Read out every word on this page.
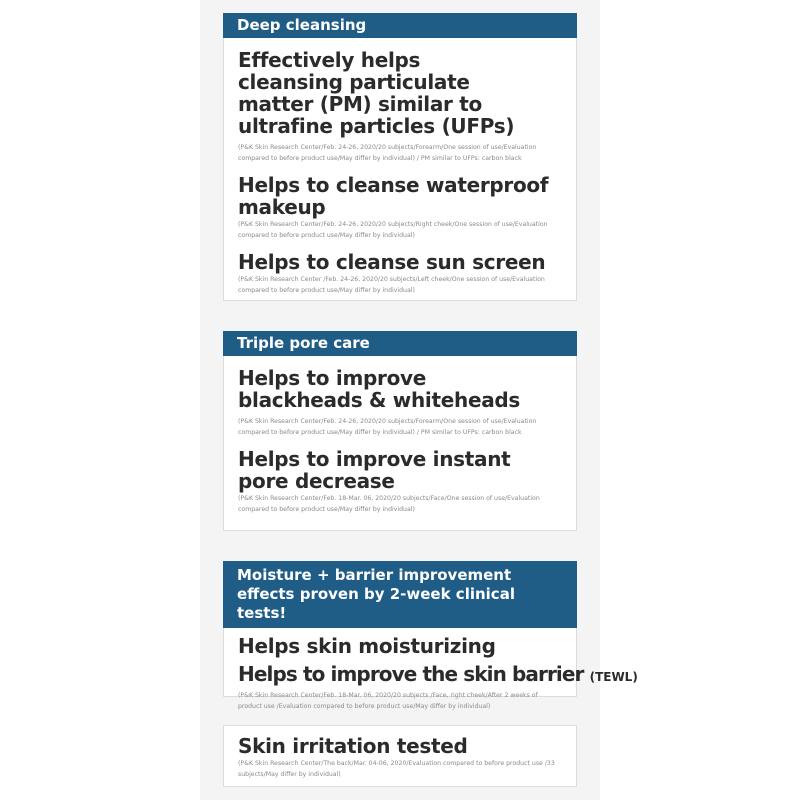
Deep cleansing
Effectively helps cleansing particulate matter (PM) similar to ultrafine particles (UFPs)
(P&K Skin Research Center/Feb. 24-26, 2020/20 subjects/Forearm/One session of use/Evaluation compared to before product use/May differ by individual) / PM similar to UFPs: carbon black
Helps to cleanse waterproof makeup
(P&K Skin Research Center/Feb. 24-26, 2020/20 subjects/Right cheek/One session of use/Evaluation compared to before product use/May differ by individual)
Helps to cleanse sun screen
(P&K Skin Research Center /Feb. 24-26, 2020/20 subjects/Left cheek/One session of use/Evaluation compared to before product use/May differ by individual)
Triple pore care
Helps to improve blackheads & whiteheads
(P&K Skin Research Center/Feb. 24-26, 2020/20 subjects/Forearm/One session of use/Evaluation compared to before product use/May differ by individual) / PM similar to UFPs: carbon black
Helps to improve instant pore decrease
(P&K Skin Research Center/Feb. 18-Mar. 06, 2020/20 subjects/Face/One session of use/Evaluation compared to before product use/May differ by individual)
Moisture + barrier improvement effects proven by 2-week clinical tests!
Helps skin moisturizing
Helps to improve the skin barrier (TEWL)
(P&K Skin Research Center/Feb. 18-Mar. 06, 2020/20 subjects /Face, right cheek/After 2 weeks of product use /Evaluation compared to before product use/May differ by individual)
Skin irritation tested
(P&K Skin Research Center/The back/Mar. 04-06, 2020/Evaluation compared to before product use /33 subjects/May differ by individual)
